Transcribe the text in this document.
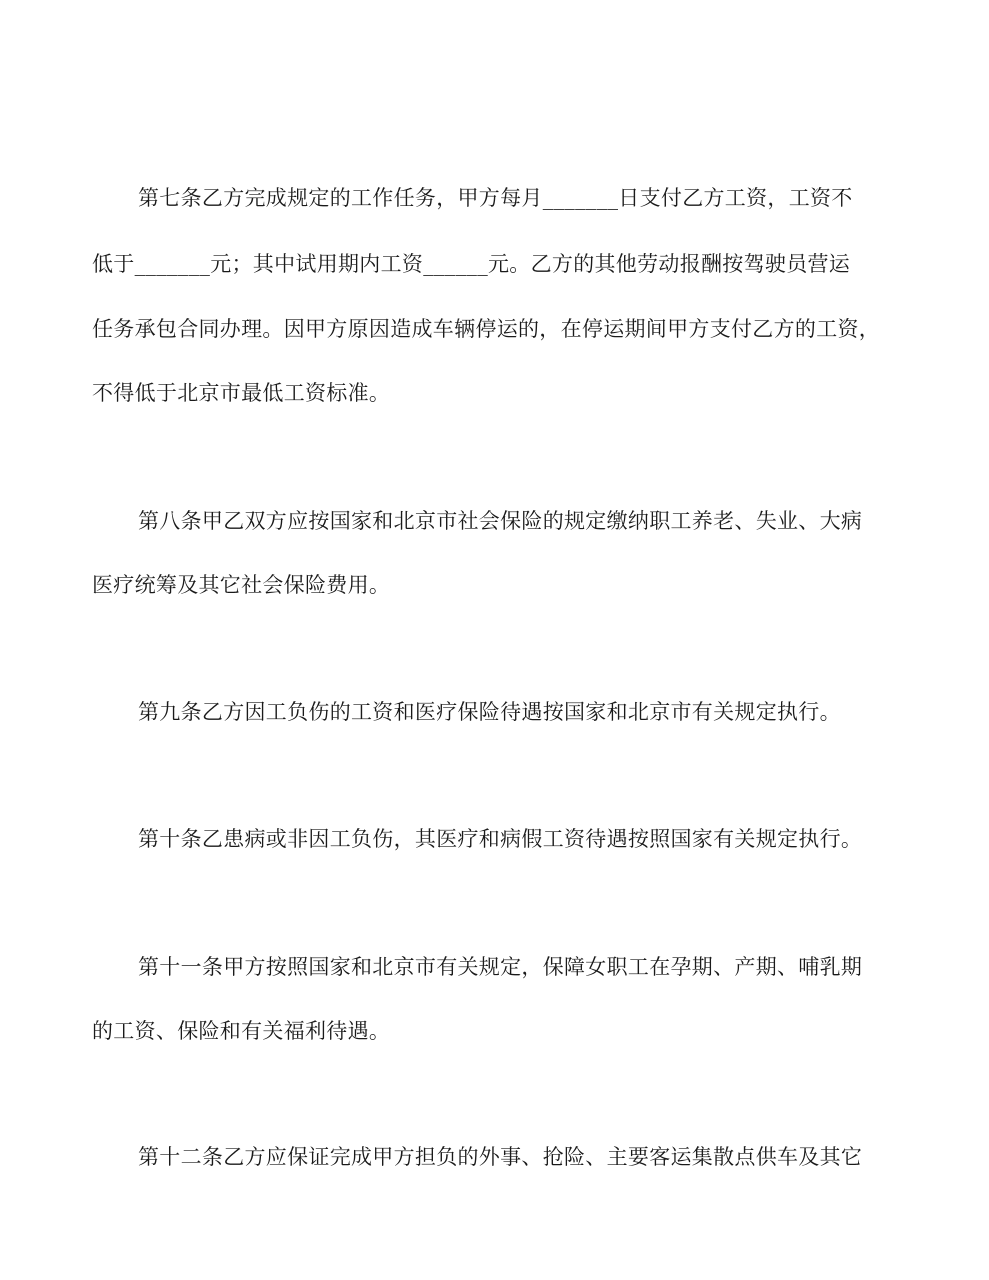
第七条乙方完成规定的工作任务，甲方每月_______日支付乙方工资，工资不
低于_______元；其中试用期内工资______元。乙方的其他劳动报酬按驾驶员营运
任务承包合同办理。因甲方原因造成车辆停运的，在停运期间甲方支付乙方的工资，
不得低于北京市最低工资标准。
第八条甲乙双方应按国家和北京市社会保险的规定缴纳职工养老、失业、大病
医疗统筹及其它社会保险费用。
第九条乙方因工负伤的工资和医疗保险待遇按国家和北京市有关规定执行。
第十条乙患病或非因工负伤，其医疗和病假工资待遇按照国家有关规定执行。
第十一条甲方按照国家和北京市有关规定，保障女职工在孕期、产期、哺乳期
的工资、保险和有关福利待遇。
第十二条乙方应保证完成甲方担负的外事、抢险、主要客运集散点供车及其它
